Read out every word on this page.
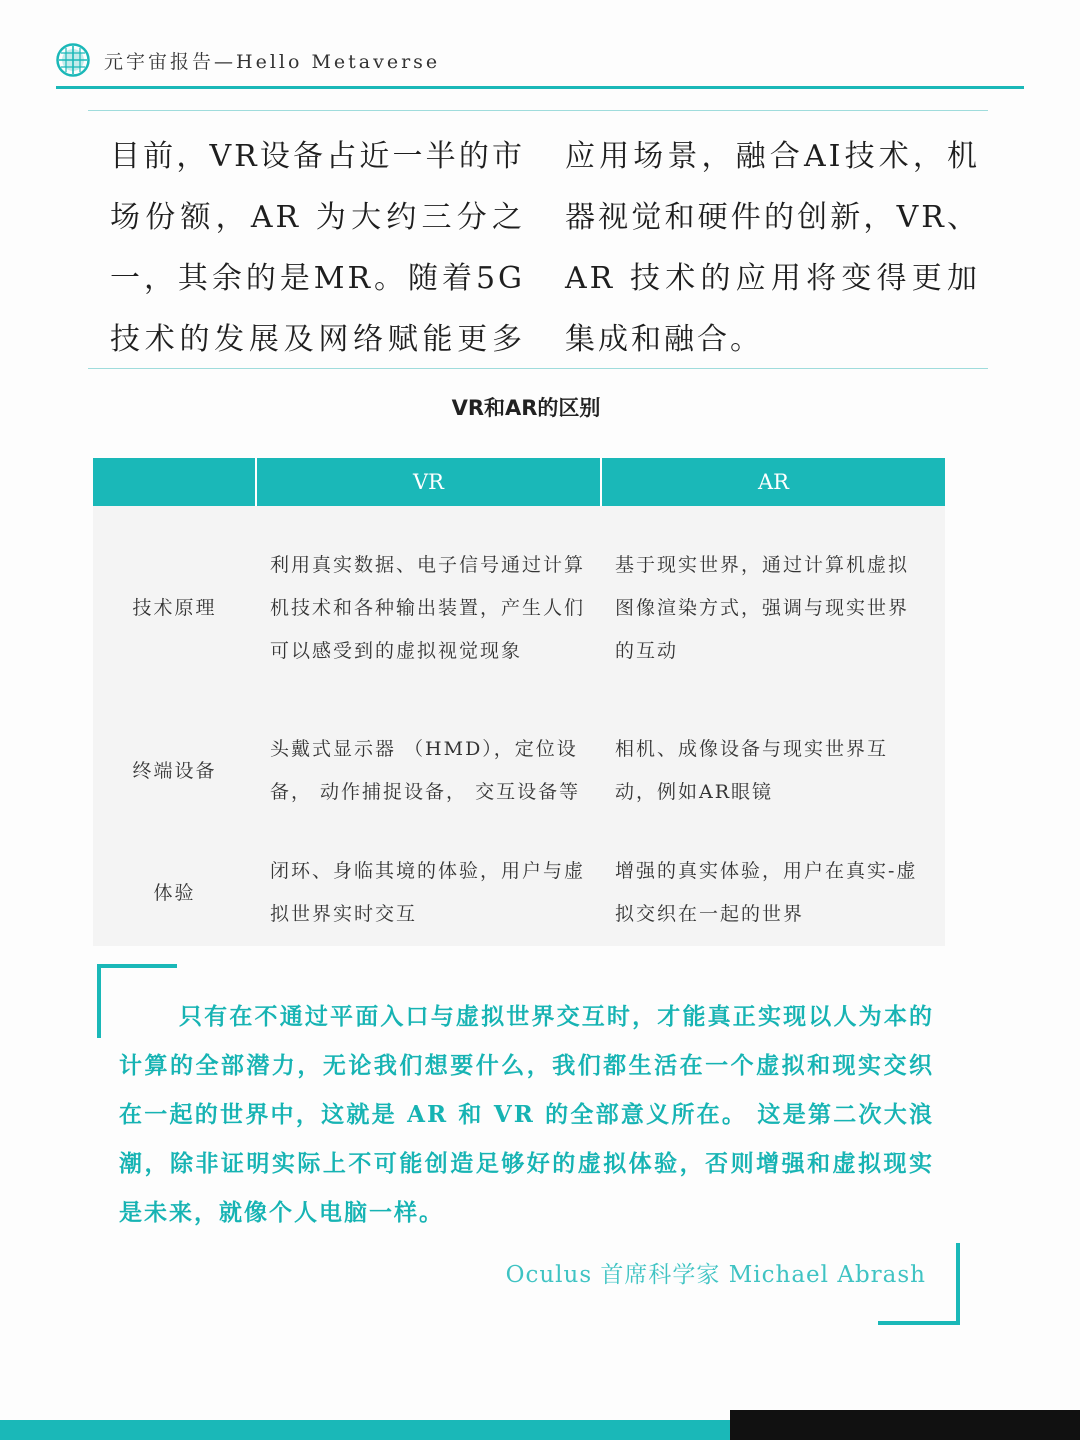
元宇宙报告—Hello Metaverse
目前，VR设备占近一半的市场份额，AR 为大约三分之一，其余的是MR。随着5G技术的发展及网络赋能更多应用场景，融合AI技术，机器视觉和硬件的创新，VR、 AR 技术的应用将变得更加集成和融合。
VR和AR的区别
	VR	AR
技术原理	利用真实数据、电子信号通过计算机技术和各种输出装置，产生人们可以感受到的虚拟视觉现象	基于现实世界，通过计算机虚拟图像渲染方式，强调与现实世界的互动
终端设备	头戴式显示器 （HMD），定位设备， 动作捕捉设备， 交互设备等	相机、成像设备与现实世界互动，例如AR眼镜
体验	闭环、身临其境的体验，用户与虚拟世界实时交互	增强的真实体验，用户在真实-虚拟交织在一起的世界
只有在不通过平面入口与虚拟世界交互时，才能真正实现以人为本的计算的全部潜力，无论我们想要什么，我们都生活在一个虚拟和现实交织在一起的世界中，这就是 AR 和 VR 的全部意义所在。 这是第二次大浪潮，除非证明实际上不可能创造足够好的虚拟体验，否则增强和虚拟现实是未来，就像个人电脑一样。
Oculus 首席科学家 Michael Abrash
